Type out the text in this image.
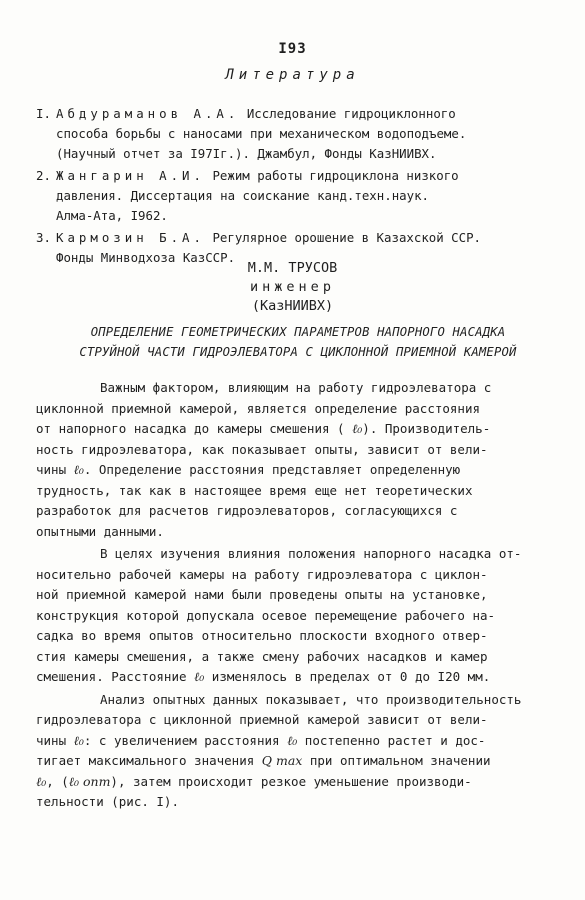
I93
Литература
I. Абдураманов А.А. Исследование гидроциклонного
способа борьбы с наносами при механическом водоподъеме.
(Научный отчет за I97Iг.). Джамбул, Фонды КазНИИВХ.
2. Жангарин А.И. Режим работы гидроциклона низкого
давления. Диссертация на соискание канд.техн.наук.
Алма-Ата, I962.
3. Кармозин Б.А. Регулярное орошение в Казахской ССР.
Фонды Минводхоза КазССР.
М.М. ТРУСОВ
инженер
(КазНИИВХ)
ОПРЕДЕЛЕНИЕ ГЕОМЕТРИЧЕСКИХ ПАРАМЕТРОВ НАПОРНОГО НАСАДКА
СТРУЙНОЙ ЧАСТИ ГИДРОЭЛЕВАТОРА С ЦИКЛОННОЙ ПРИЕМНОЙ КАМЕРОЙ

Важным фактором, влияющим на работу гидроэлеватора с
циклонной приемной камерой, является определение расстояния
от напорного насадка до камеры смешения ( ℓ₀). Производитель-
ность гидроэлеватора, как показывает опыты, зависит от вели-
чины ℓ₀. Определение расстояния представляет определенную
трудность, так как в настоящее время еще нет теоретических
разработок для расчетов гидроэлеваторов, согласующихся с
опытными данными.

В целях изучения влияния положения напорного насадка от-
носительно рабочей камеры на работу гидроэлеватора с циклон-
ной приемной камерой нами были проведены опыты на установке,
конструкция которой допускала осевое перемещение рабочего на-
садка во время опытов относительно плоскости входного отвер-
стия камеры смешения, а также смену рабочих насадков и камер
смешения. Расстояние ℓ₀ изменялось в пределах от 0 до I20 мм.

Анализ опытных данных показывает, что производительность
гидроэлеватора с циклонной приемной камерой зависит от вели-
чины ℓ₀: с увеличением расстояния ℓ₀ постепенно растет и дос-
тигает максимального значения Q max при оптимальном значении
ℓ₀, (ℓ₀ опт), затем происходит резкое уменьшение производи-
тельности (рис. I).
